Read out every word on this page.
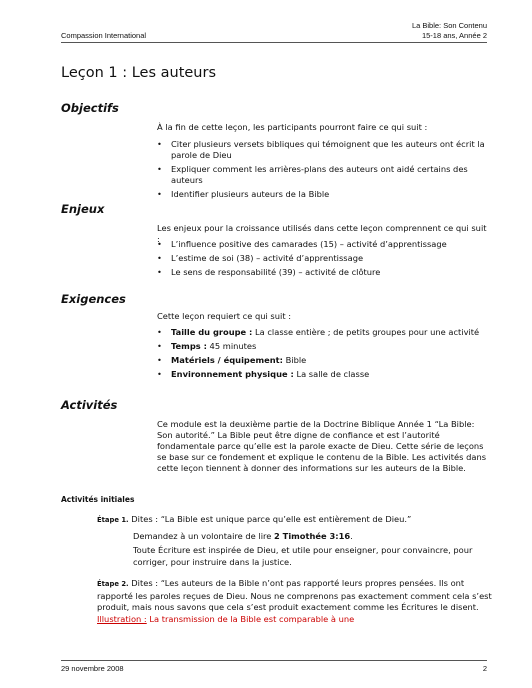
Compassion International
La Bible: Son Contenu
15-18 ans, Année 2
Leçon 1 : Les auteurs
Objectifs
À la fin de cette leçon, les participants pourront faire ce qui suit :
• Citer plusieurs versets bibliques qui témoignent que les auteurs ont écrit la parole de Dieu
• Expliquer comment les arrières-plans des auteurs ont aidé certains des auteurs
• Identifier plusieurs auteurs de la Bible
Enjeux
Les enjeux pour la croissance utilisés dans cette leçon comprennent ce qui suit :
•	L’influence positive des camarades (15) – activité d’apprentissage
• L’estime de soi (38) – activité d’apprentissage
• Le sens de responsabilité (39) – activité de clôture
Exigences
Cette leçon requiert ce qui suit :
• Taille du groupe : La classe entière ; de petits groupes pour une activité
• Temps : 45 minutes
• Matériels / équipement: Bible
• Environnement physique : La salle de classe
Activités
Ce module est la deuxième partie de la Doctrine Biblique Année 1 “La Bible: Son autorité.” La Bible peut être digne de confiance et est l’autorité fondamentale parce qu’elle est la parole exacte de Dieu. Cette série de leçons se base sur ce fondement et explique le contenu de la Bible. Les activités dans cette leçon tiennent à donner des informations sur les auteurs de la Bible.
Activités initiales
Étape 1. Dites : “La Bible est unique parce qu’elle est entièrement de Dieu.”
Demandez à un volontaire de lire 2 Timothée 3:16.
Toute Écriture est inspirée de Dieu, et utile pour enseigner, pour convaincre, pour corriger, pour instruire dans la justice.
Étape 2. Dites : “Les auteurs de la Bible n’ont pas rapporté leurs propres pensées. Ils ont rapporté les paroles reçues de Dieu. Nous ne comprenons pas exactement comment cela s’est produit, mais nous savons que cela s’est produit exactement comme les Écritures le disent. Illustration : La transmission de la Bible est comparable à une
29 novembre 2008	2
